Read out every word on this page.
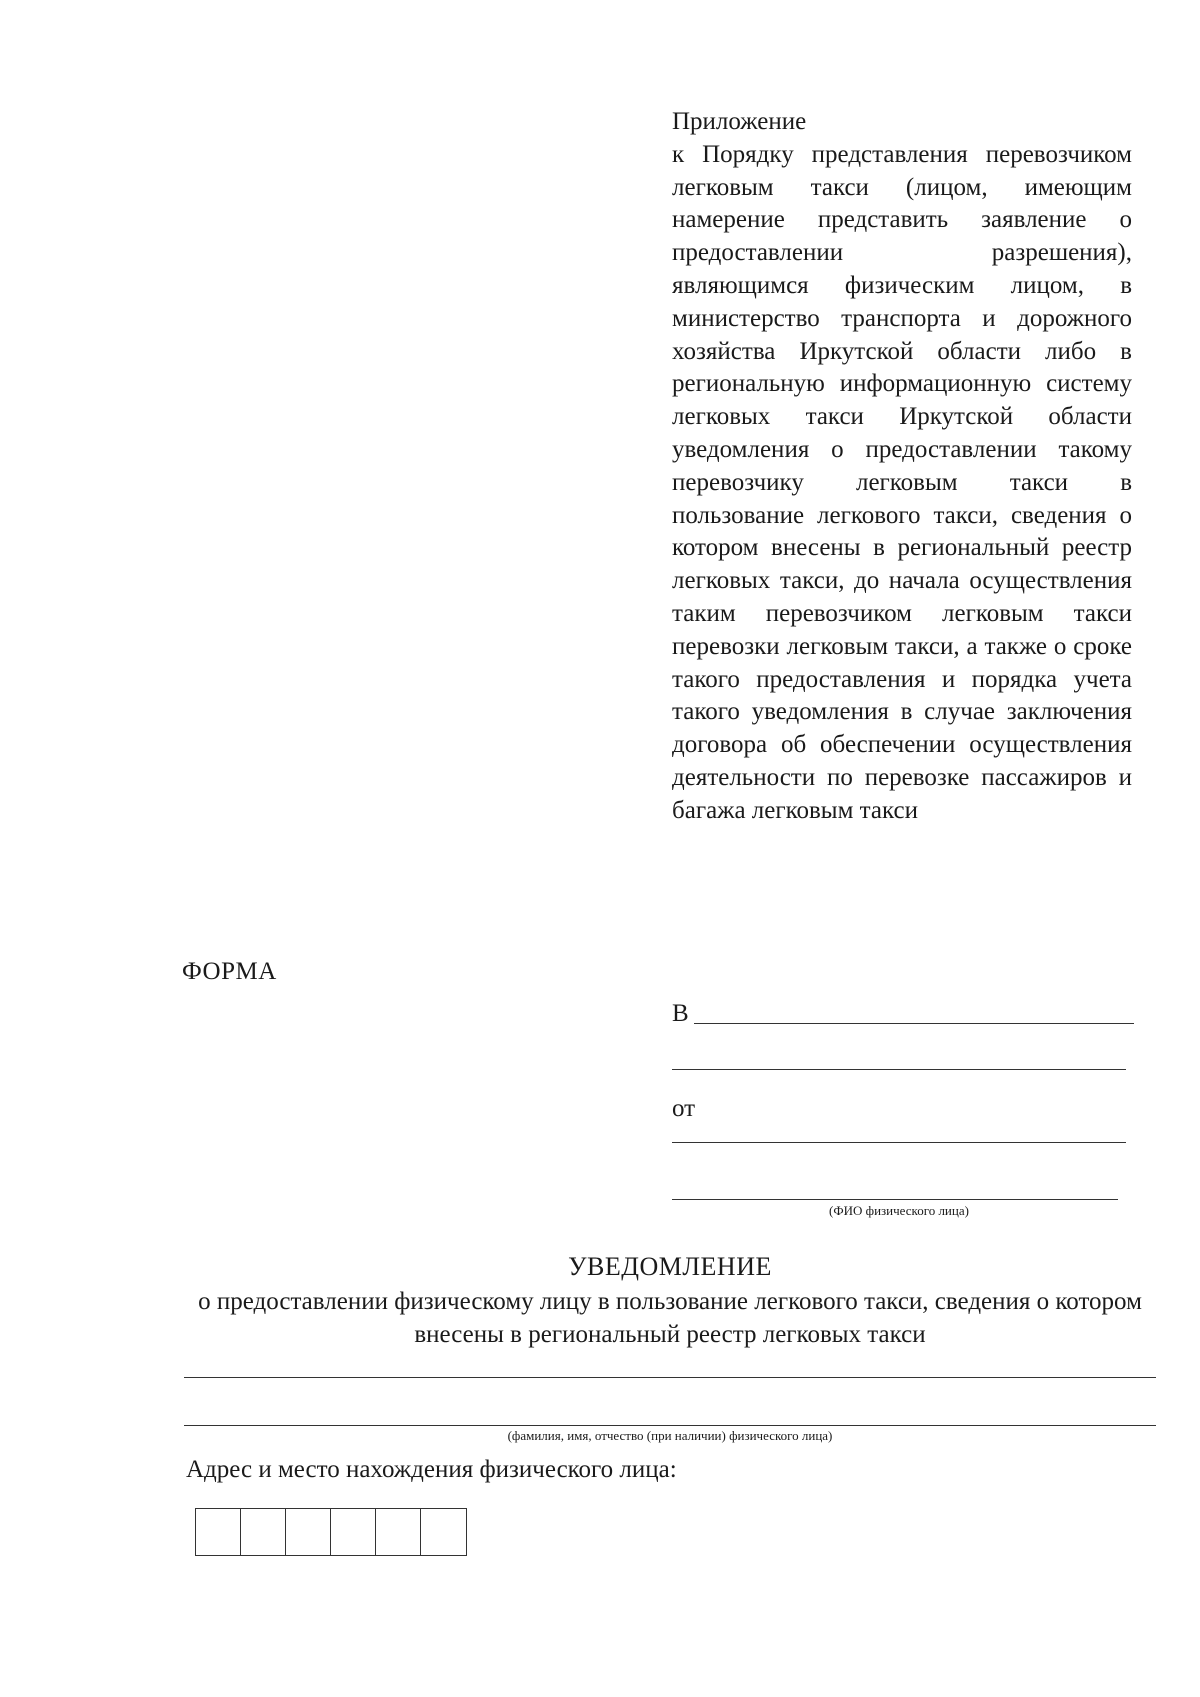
Приложение
к Порядку представления перевозчиком легковым такси (лицом, имеющим намерение представить заявление о предоставлении разрешения), являющимся физическим лицом, в министерство транспорта и дорожного хозяйства Иркутской области либо в региональную информационную систему легковых такси Иркутской области уведомления о предоставлении такому перевозчику легковым такси в пользование легкового такси, сведения о котором внесены в региональный реестр легковых такси, до начала осуществления таким перевозчиком легковым такси перевозки легковым такси, а также о сроке такого предоставления и порядка учета такого уведомления в случае заключения договора об обеспечении осуществления деятельности по перевозке пассажиров и багажа легковым такси
ФОРМА
В
от
(ФИО физического лица)
УВЕДОМЛЕНИЕ
о предоставлении физическому лицу в пользование легкового такси, сведения о котором внесены в региональный реестр легковых такси
(фамилия, имя, отчество (при наличии) физического лица)
Адрес и место нахождения физического лица:
